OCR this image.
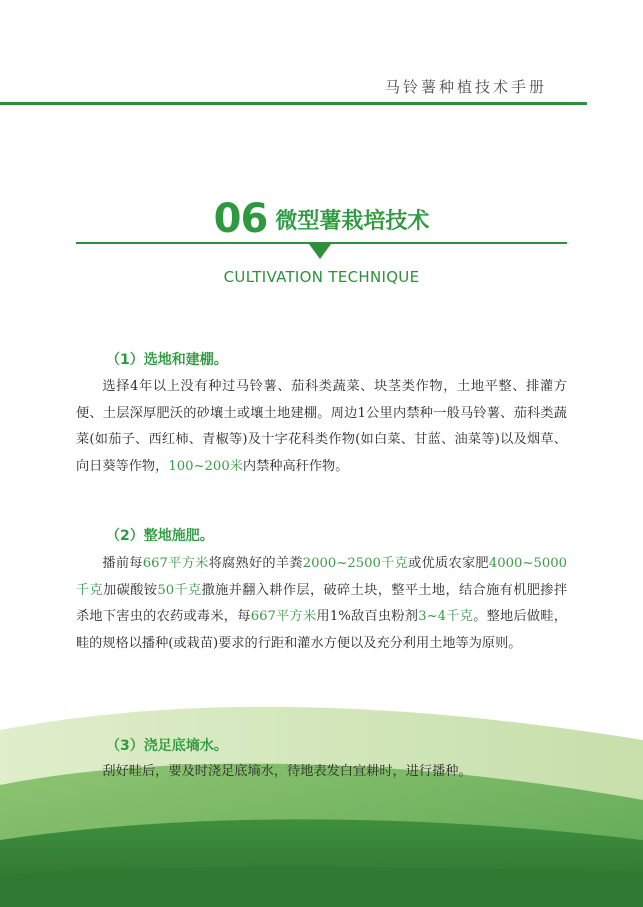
马铃薯种植技术手册
06 微型薯栽培技术
CULTIVATION TECHNIQUE
（1）选地和建棚。

选择4年以上没有种过马铃薯、茄科类蔬菜、块茎类作物，土地平整、排灌方便、土层深厚肥沃的砂壤土或壤土地建棚。周边1公里内禁种一般马铃薯、茄科类蔬菜(如茄子、西红柿、青椒等)及十字花科类作物(如白菜、甘蓝、油菜等)以及烟草、向日葵等作物，100~200米内禁种高秆作物。

（2）整地施肥。

播前每667平方米将腐熟好的羊粪2000~2500千克或优质农家肥4000~5000千克加碳酸铵50千克撒施并翻入耕作层，破碎土块，整平土地，结合施有机肥掺拌杀地下害虫的农药或毒米，每667平方米用1%敌百虫粉剂3~4千克。整地后做畦，畦的规格以播种(或栽苗)要求的行距和灌水方便以及充分利用土地等为原则。

（3）浇足底墒水。

刮好畦后，要及时浇足底墒水，待地表发白宜耕时，进行播种。
